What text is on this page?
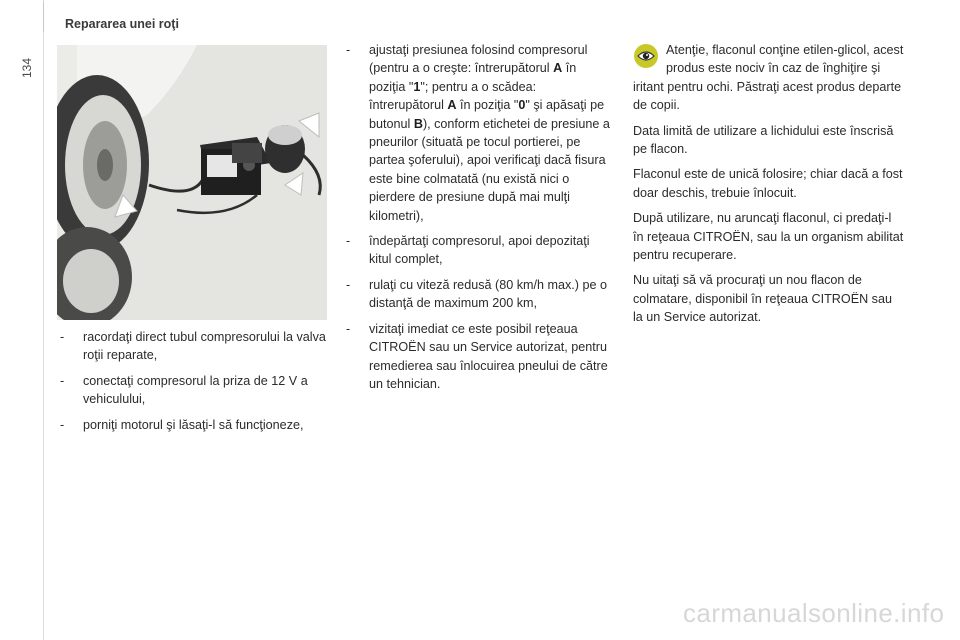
134
Repararea unei roţi
- racordaţi direct tubul compresorului la valva roţii reparate,
- conectaţi compresorul la priza de 12 V a vehiculului,
- porniţi motorul şi lăsaţi-l să funcţioneze,
- ajustaţi presiunea folosind compresorul (pentru a o creşte: întrerupătorul A în poziţia "1"; pentru a o scădea: întrerupătorul A în poziţia "0" şi apăsaţi pe butonul B), conform etichetei de presiune a pneurilor (situată pe tocul portierei, pe partea şoferului), apoi verificaţi dacă fisura este bine colmatată (nu există nici o pierdere de presiune după mai mulţi kilometri),
- îndepărtaţi compresorul, apoi depozitaţi kitul complet,
- rulaţi cu viteză redusă (80 km/h max.) pe o distanţă de maximum 200 km,
- vizitaţi imediat ce este posibil reţeaua CITROËN sau un Service autorizat, pentru remedierea sau înlocuirea pneului de către un tehnician.
Atenţie, flaconul conţine etilen-glicol, acest produs este nociv în caz de înghiţire şi iritant pentru ochi. Păstraţi acest produs departe de copii.

Data limită de utilizare a lichidului este înscrisă pe flacon.

Flaconul este de unică folosire; chiar dacă a fost doar deschis, trebuie înlocuit.

După utilizare, nu aruncaţi flaconul, ci predaţi-l în reţeaua CITROËN, sau la un organism abilitat pentru recuperare.

Nu uitaţi să vă procuraţi un nou flacon de colmatare, disponibil în reţeaua CITROËN sau la un Service autorizat.

carmanualsonline.info
